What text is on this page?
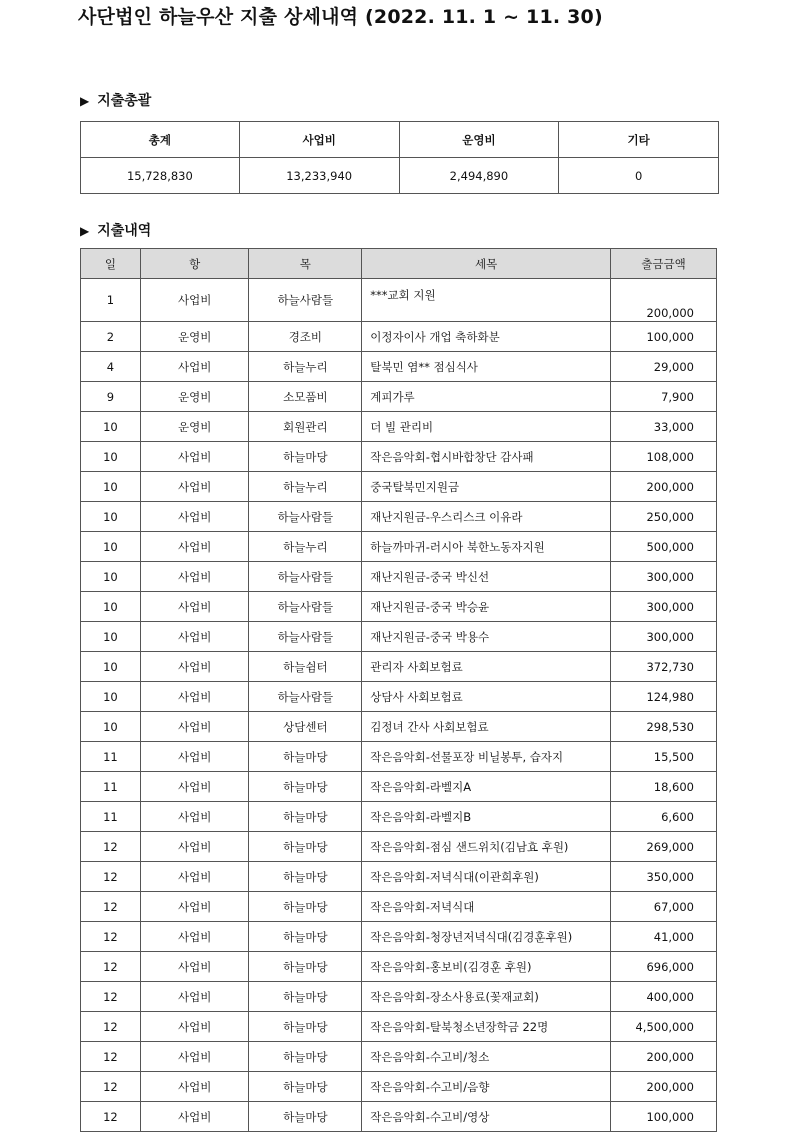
사단법인 하늘우산 지출 상세내역 (2022. 11. 1 ~ 11. 30)
▶ 지출총괄
총계	사업비	운영비	기타
15,728,830	13,233,940	2,494,890	0
▶ 지출내역
일	항	목	세목	출금금액
1	사업비	하늘사람들	***교회 지원	200,000
2	운영비	경조비	이정자이사 개업 축하화분	100,000
4	사업비	하늘누리	탈북민 염** 점심식사	29,000
9	운영비	소모품비	계피가루	7,900
10	운영비	회원관리	더 빌 관리비	33,000
10	사업비	하늘마당	작은음악회-협시바합창단 감사패	108,000
10	사업비	하늘누리	중국탈북민지원금	200,000
10	사업비	하늘사람들	재난지원금-우스리스크 이유라	250,000
10	사업비	하늘누리	하늘까마귀-러시아 북한노동자지원	500,000
10	사업비	하늘사람들	재난지원금-중국 박신선	300,000
10	사업비	하늘사람들	재난지원금-중국 박승윤	300,000
10	사업비	하늘사람들	재난지원금-중국 박용수	300,000
10	사업비	하늘쉼터	관리자 사회보험료	372,730
10	사업비	하늘사람들	상담사 사회보험료	124,980
10	사업비	상담센터	김정녀 간사 사회보험료	298,530
11	사업비	하늘마당	작은음악회-선물포장 비닐봉투, 습자지	15,500
11	사업비	하늘마당	작은음악회-라벨지A	18,600
11	사업비	하늘마당	작은음악회-라벨지B	6,600
12	사업비	하늘마당	작은음악회-점심 샌드위치(김남효 후원)	269,000
12	사업비	하늘마당	작은음악회-저녁식대(이관희후원)	350,000
12	사업비	하늘마당	작은음악회-저녁식대	67,000
12	사업비	하늘마당	작은음악회-청장년저녁식대(김경훈후원)	41,000
12	사업비	하늘마당	작은음악회-홍보비(김경훈 후원)	696,000
12	사업비	하늘마당	작은음악회-장소사용료(꽃재교회)	400,000
12	사업비	하늘마당	작은음악회-탈북청소년장학금 22명	4,500,000
12	사업비	하늘마당	작은음악회-수고비/청소	200,000
12	사업비	하늘마당	작은음악회-수고비/음향	200,000
12	사업비	하늘마당	작은음악회-수고비/영상	100,000
